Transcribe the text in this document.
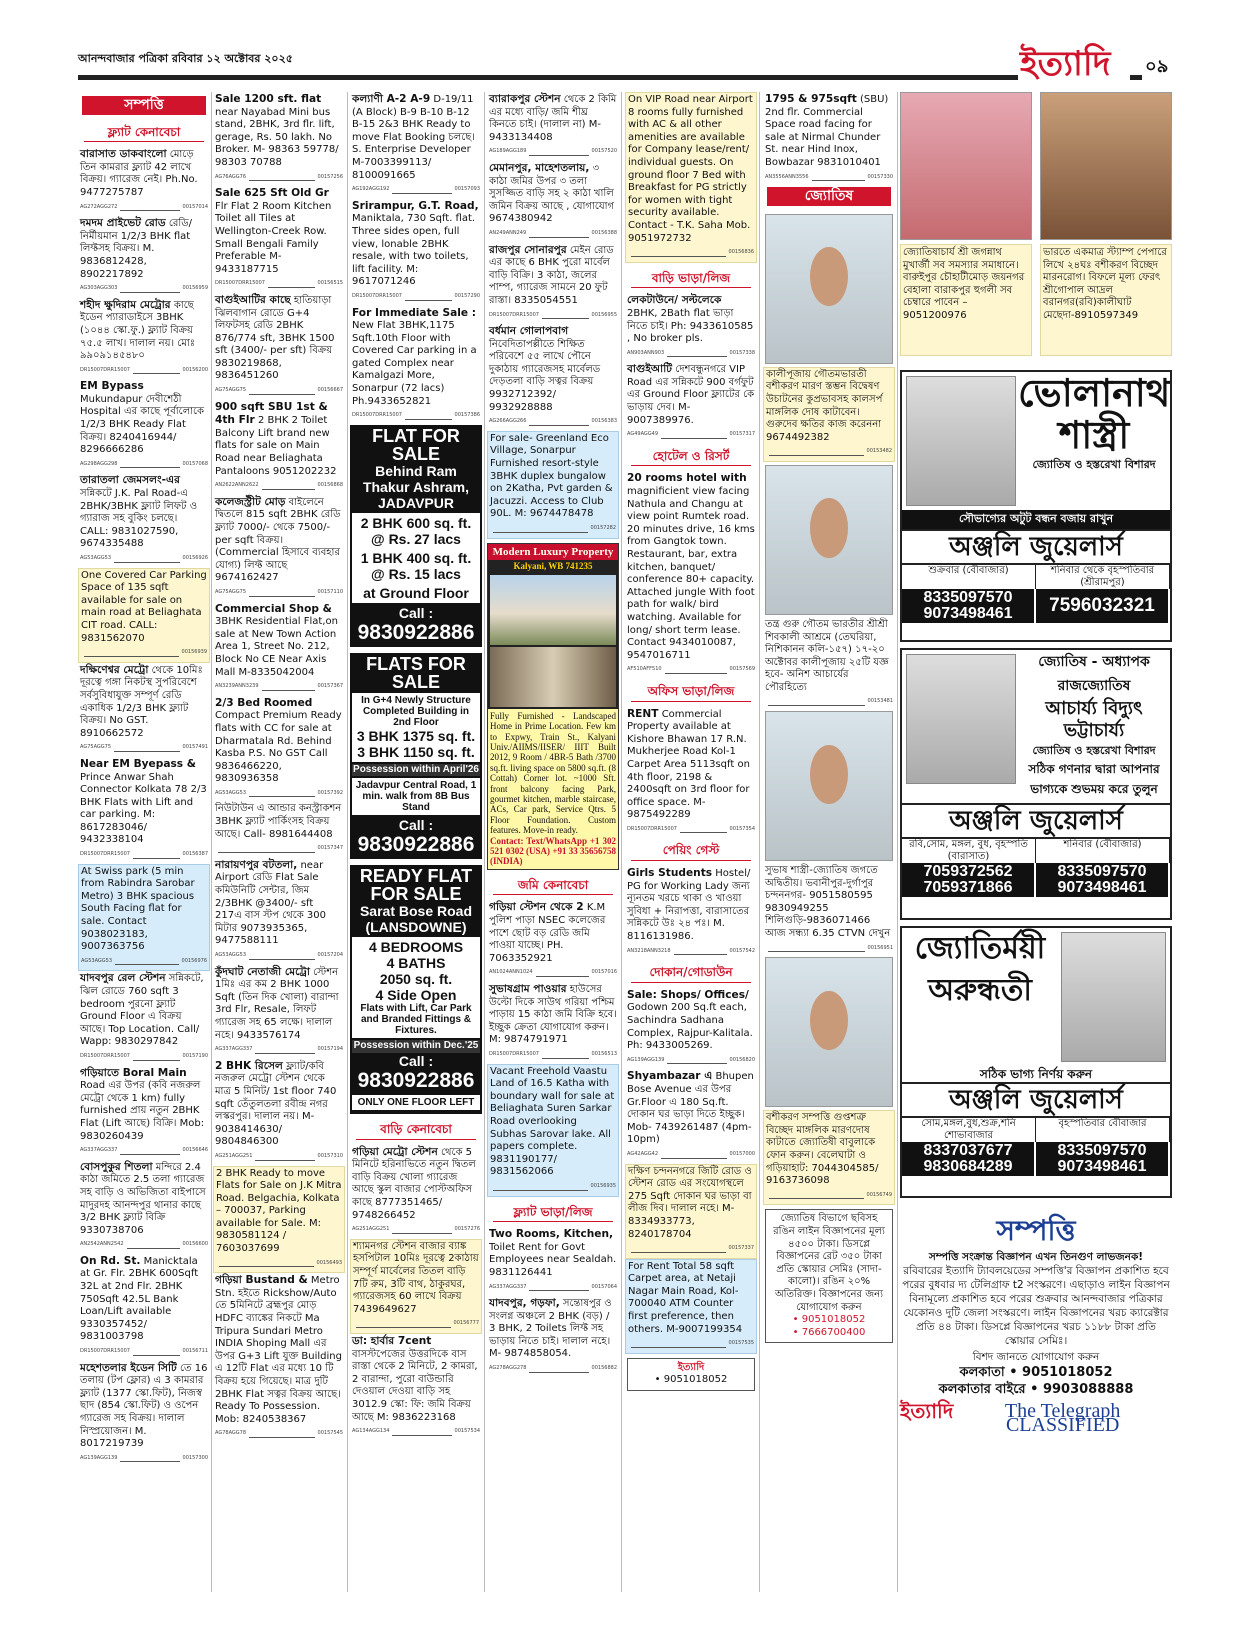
আনন্দবাজার পত্রিকা রবিবার ১২ অক্টোবর ২০২৫	ইত্যাদি ০৯
সম্পত্তি
ফ্ল্যাট কেনাবেচা
বারাসাত ডাকবাংলো মোড়ে তিন কামরার ফ্ল্যাট 42 লাখে বিক্রয়। গ্যারেজ নেই। Ph.No. 9477275787
AG272AGG272	00157014
দমদম প্রাইভেট রোড রেডি/নির্মীয়মান 1/2/3 BHK flat লিফ্টসহ বিক্রয়। M. 9836812428, 8902217892
AG303AGG303	00156959
শহীদ ক্ষুদিরাম মেট্রোর কাছে ইডেন প্যারাডাইসে 3BHK (১০৪৪ স্কো.ফু.) ফ্ল্যাট বিক্রয় ৭৫.৫ লাখ। দালাল নয়। মোঃ ৯৯০৯১৪৫৪৮০
DR15007DRR15007	00156200
EM Bypass Mukundapur দেবীশেঠী Hospital এর কাছে পূর্বালোকে 1/2/3 BHK Ready Flat বিক্রয়। 8240416944/ 8296666286
AG298AGG298	00157068
তারাতলা জেমসলং-এর সন্নিকটে J.K. Pal Road-এ 2BHK/3BHK ফ্ল্যাট লিফট ও গ্যারাজ সহ বুকিং চলছে। CALL: 9831027590, 9674335488
AG53AGG53	00156926
One Covered Car Parking Space of 135 sqft available for sale on main road at Beliaghata CIT road. CALL: 9831562070
00156939
দক্ষিণেশ্বর মেট্রো থেকে 10মিঃ দূরত্বে গঙ্গা নিকটস্থ সুপরিবেশে সর্বসুবিধাযুক্ত সম্পূর্ণ রেডি একাধিক 1/2/3 BHK ফ্ল্যাট বিক্রয়। No GST. 8910662572
AG75AGG75	00157491
Near EM Byepass & Prince Anwar Shah Connector Kolkata 78 2/3 BHK Flats with Lift and car parking. M: 8617283046/ 9432338104
DR15007DRR15007	00156387
At Swiss park (5 min from Rabindra Sarobar Metro) 3 BHK spacious South Facing flat for sale. Contact 9038023183, 9007363756
AG53AGG53	00156976
যাদবপুর রেল স্টেশন সন্নিকটে, ঝিল রোডে 760 sqft 3 bedroom পুরনো ফ্ল্যাট Ground Floor এ বিক্রয় আছে। Top Location. Call/ Wapp: 9830297842
DR15007DRR15007	00157190
গড়িয়াতে Boral Main Road এর উপর (কবি নজরুল মেট্রো থেকে 1 km) fully furnished প্রায় নতুন 2BHK Flat (Lift আছে) বিক্রি। Mob: 9830260439
AG337AGG337	00156646
বোসপুকুর শিতলা মন্দিরে 2.4 কাঠা জমিতে 2.5 তলা গ্যারেজ সহ বাড়ি ও অভিজিতা বাইপাসে মাদুরদহ আনন্দপুর থানার কাছে 3/2 BHK ফ্ল্যাট বিক্রি 9330738706
AN2542ANN2542	00156600
On Rd. St. Manicktala at Gr. Flr. 2BHK 600Sqft 32L at 2nd Flr. 2BHK 750Sqft 42.5L Bank Loan/Lift available 9330357452/ 9831003798
DR15007DRR15007	00156711
মহেশতলার ইডেন সিটি তে 16 তলায় (টপ ফ্লোর) এ 3 কামরার ফ্ল্যাট (1377 স্কো.ফিট), নিজস্ব ছাদ (854 স্কো.ফিট) ও ওপেন গ্যারেজ সহ বিক্রয়। দালাল নিস্প্রয়োজন। M. 8017219739
AG139AGG139	00157300
Sale 1200 sft. flat near Nayabad Mini bus stand, 2BHK, 3rd flr. lift, gerage, Rs. 50 lakh. No Broker. M- 98363 59778/ 98303 70788
AG76AGG76	00157256
Sale 625 Sft Old Gr Flr Flat 2 Room Kitchen Toilet all Tiles at Wellington-Creek Row. Small Bengali Family Preferable M-9433187715
DR15007DRR15007	00156515
বাগুইআটির কাছে হাতিয়াড়া ঝিলবাগান রোডে G+4 লিফটসহ রেডি 2BHK 876/774 sft, 3BHK 1500 sft (3400/- per sft) বিক্রয় 9830219868, 9836451260
AG75AGG75	00156667
900 sqft SBU 1st & 4th Flr 2 BHK 2 Toilet Balcony Lift brand new flats for sale on Main Road near Beliaghata Pantaloons 9051202232
AN2622ANN2622	00156868
কলেজস্ট্রীট মোড় বাইলেনে দ্বিতলে 815 sqft 2BHK রেডি ফ্ল্যাট 7000/- থেকে 7500/- per sqft বিক্রয়।(Commercial হিসাবে ব্যবহার যোগ্য) লিফ্ট আছে 9674162427
AG75AGG75	00157110
Commercial Shop & 3BHK Residential Flat,on sale at New Town Action Area 1, Street No. 212, Block No CE Near Axis Mall M-8335042004
AN3239ANN3239	00157367
2/3 Bed Roomed Compact Premium Ready flats with CC for sale at Dharmatala Rd. Behind Kasba P.S. No GST Call 9836466220, 9830936358
AG53AGG53	00157392
নিউটাউন এ আন্ডার কনস্ট্রাকশন 3BHK ফ্ল্যাট পার্কিংসহ বিক্রয় আছে। Call- 8981644408
00157347
নারায়ণপুর বটতলা, near Airport রেডি Flat Sale কমিউনিটি সেন্টার, জিম 2/3BHK @3400/- sft 217এ বাস স্টপ থেকে 300 মিটার 9073935365, 9477588111
AG53AGG53	00157204
কুঁদঘাট নেতাজী মেট্রো স্টেশন 1মিঃ এর কম 2 BHK 1000 Sqft (তিন দিক খোলা) বারান্দা 3rd Flr, Resale, লিফট গ্যারেজ সহ 65 লক্ষে। দালাল নহে। 9433576174
AG337AGG337	00157194
2 BHK রিসেল ফ্ল্যাট/কবি নজরুল মেট্রো স্টেশন থেকে মাত্র 5 মিনিট/ 1st floor 740 sqft তেঁতুলতলা রবীন্দ্র নগর লস্করপুর। দালাল নয়। M-9038414630/ 9804846300
AG251AGG251	00157310
2 BHK Ready to move Flats for Sale on J.K Mitra Road. Belgachia, Kolkata – 700037, Parking available for Sale. M: 9830581124 / 7603037699
00156493
গড়িয়া Bustand & Metro Stn. হইতে Rickshow/Auto তে 5মিনিটে ব্রহ্মপুর মোড় HDFC ব্যাঙ্কের নিকটে Ma Tripura Sundari Metro INDIA Shoping Mall এর উপর G+3 Lift যুক্ত Building এ 12টি Flat এর মধ্যে 10 টি বিক্রয় হয়ে গিয়েছে। মাত্র দুটি 2BHK Flat সত্বর বিক্রয় আছে। Ready To Possession. Mob: 8240538367
AG78AGG78	00157545
কল্যাণী A-2 A-9 D-19/11 (A Block) B-9 B-10 B-12 B-15 2&3 BHK Ready to move Flat Booking চলছে। S. Enterprise Developer M-7003399113/ 8100091665
AG192AGG192	00157093
Srirampur, G.T. Road, Maniktala, 730 Sqft. flat. Three sides open, full view, lonable 2BHK resale, with two toilets, lift facility. M: 9617071246
DR15007DRR15007	00157290
For Immediate Sale : New Flat 3BHK,1175 Sqft.10th Floor with Covered Car parking in a gated Complex near Kamalgazi More, Sonarpur (72 lacs) Ph.9433652821
DR15007DRR15007	00157386
FLAT FOR SALE
Behind Ram Thakur Ashram, JADAVPUR
2 BHK 600 sq. ft.
@ Rs. 27 lacs
1 BHK 400 sq. ft.
@ Rs. 15 lacs
at Ground Floor
Call :
9830922886
FLATS FOR SALE
In G+4 Newly Structure Completed Building in 2nd Floor
3 BHK 1375 sq. ft.
3 BHK 1150 sq. ft.
Possession within April'26
Jadavpur Central Road, 1 min. walk from 8B Bus Stand
Call :
9830922886
READY FLAT FOR SALE
Sarat Bose Road (LANSDOWNE)
4 BEDROOMS
4 BATHS
2050 sq. ft.
4 Side Open
Flats with Lift, Car Park and Branded Fittings & Fixtures.
Possession within Dec.'25
Call :
9830922886
ONLY ONE FLOOR LEFT
বাড়ি কেনাবেচা
গড়িয়া মেট্রো স্টেশন থেকে 5 মিনিটে হরিনাভিতে নতুন দ্বিতল বাড়ি বিক্রয় খোলা গ্যারেজ আছে স্কুল বাজার পোস্টঅফিস কাছে 8777351465/ 9748266452
AG251AGG251	00157276
শ্যামনগর স্টেশন বাজার ব্যাঙ্ক হসপিটাল 10মিঃ দূরত্বে 2কাঠায় সম্পূর্ণ মার্বেলের তিতল বাড়ি 7টি রুম, 3টি বাথ, ঠাকুরঘর, গ্যারেজসহ 60 লাখে বিক্রয় 7439649627
00156777
ডা: হার্বার 7cent বাসস্টপেজের উত্তরদিকে বাস রাস্তা থেকে 2 মিনিটে, 2 কামরা, 2 বারান্দা, পুরো বাউন্ডারি দেওয়াল দেওয়া বাড়ি সহ 3012.9 স্কো: ফি: জমি বিক্রয় আছে M: 9836223168
AG134AGG134	00157534
ব্যারাকপুর স্টেশন থেকে 2 কিমি এর মধ্যে বাড়ি/ জমি শীঘ্র কিনতে চাই। (দালাল না) M-9433134408
AG189AGG189	00157520
মেমানপুর, মাহেশতলায়, ৩ কাঠা জমির উপর ৩ তলা সুসজ্জিত বাড়ি সহ ২ কাঠা খালি জমিন বিক্রয় আছে , যোগাযোগ 9674380942
AN249ANN249	00156388
রাজপুর সোনারপুর মেইন রোড এর কাছে 6 BHK পুরো মার্বেল বাড়ি বিক্রি। 3 কাঠা, জলের পাম্প, গ্যারেজ সামনে 20 ফুট রাস্তা। 8335054551
DR15007DRR15007	00156955
বর্ধমান গোলাপবাগ নিবেদিতাপল্লীতে শিক্ষিত পরিবেশে ৫৫ লাখে পৌনে দুকাঠায় গ্যারেজসহ মার্বেলড দেড়তলা বাড়ি সত্বর বিক্রয় 9932712392/ 9932928888
AG266AGG266	00156383
For sale- Greenland Eco Village, Sonarpur Furnished resort-style 3BHK duplex bungalow on 2Katha, Pvt garden & Jacuzzi. Access to Club 90L. M: 9674478478
00157282
Modern Luxury Property
Kalyani, WB 741235
Fully Furnished - Landscaped Home in Prime Location. Few km to Expwy, Train St., Kalyani Univ./AIIMS/IISER/ IIIT Built 2012, 9 Room / 4BR-5 Bath /3700 sq.ft. living space on 5800 sq.ft. (8 Cottah) Corner lot. ~1000 Sft. front balcony facing Park, gourmet kitchen, marble staircase, ACs, Car park, Service Qtrs. 5 Floor Foundation. Custom features. Move-in ready.
Contact: Text/WhatsApp +1 302 521 0302 (USA) +91 33 35656758 (INDIA)
জমি কেনাবেচা
গড়িয়া স্টেশন থেকে 2 K.M পুলিশ পাড়া NSEC কলেজের পাশে ছোট বড় রেডি জমি পাওয়া যাচ্ছে। PH. 7063352921
AN1024ANN1024	00157016
সুভাষগ্রাম পাওয়ার হাউসের উল্টো দিকে সাউথ গরিয়া পশ্চিম পাড়ায় 15 কাঠা জমি বিক্রি হবে। ইচ্ছুক ক্রেতা যোগাযোগ করুন। M: 9874791971
DR15007DRR15007	00156513
Vacant Freehold Vaastu Land of 16.5 Katha with boundary wall for sale at Beliaghata Suren Sarkar Road overlooking Subhas Sarovar lake. All papers complete. 9831190177/ 9831562066
00156935
ফ্ল্যাট ভাড়া/লিজ
Two Rooms, Kitchen, Toilet Rent for Govt Employees near Sealdah. 9831126441
AG337AGG337	00157064
যাদবপুর, গড়ফা, সন্তোষপুর ও সংলগ্ন অঞ্চলে 2 BHK (বড়) / 3 BHK, 2 Toilets লিফ্ট সহ ভাড়ায় নিতে চাই। দালাল নহে। M- 9874858054.
AG278AGG278	00156882
On VIP Road near Airport 8 rooms fully furnished with AC & all other amenities are available for Company lease/rent/ individual guests. On ground floor 7 Bed with Breakfast for PG strictly for women with tight security available. Contact - T.K. Saha Mob. 9051972732
00156836
বাড়ি ভাড়া/লিজ
লেকটাউনে/ সল্টলেকে 2BHK, 2Bath flat ভাড়া নিতে চাই। Ph: 9433610585 , No broker pls.
AN903ANN903	00157338
বাগুইআটি দেশবন্ধুনগরে VIP Road এর সন্নিকটে 900 বর্গফুট এর Ground Floor ফ্ল্যাটের কে ভাড়ায় দেব। M-9007389976.
AG49AGG49	00157317
হোটেল ও রিসর্ট
20 rooms hotel with magnificient view facing Nathula and Changu at view point Rumtek road. 20 minutes drive, 16 kms from Gangtok town. Restaurant, bar, extra kitchen, banquet/ conference 80+ capacity. Attached jungle With foot path for walk/ bird watching. Available for long/ short term lease. Contact 9434010087, 9547016711
AF510AFF510	00157569
অফিস ভাড়া/লিজ
RENT Commercial Property available at Kishore Bhawan 17 R.N. Mukherjee Road Kol-1 Carpet Area 5113sqft on 4th floor, 2198 & 2400sqft on 3rd floor for office space. M-9875492289
DR15007DRR15007	00157354
পেয়িং গেস্ট
Girls Students Hostel/ PG for Working Lady জন্য ন্যূনতম খরচে থাকা ও খাওয়া সুবিধা + নিরাপত্তা, বারাসাতের সন্নিকটে উঃ ২৪ পঃ। M. 8116131986.
AN3218ANN3218	00157542
দোকান/গোডাউন
Sale: Shops/ Offices/ Godown 200 Sq.ft each, Sachindra Sadhana Complex, Rajpur-Kalitala. Ph: 9433005269.
AG139AGG139	00156820
Shyambazar এ Bhupen Bose Avenue এর উপর Gr.Floor এ 180 Sq.ft. দোকান ঘর ভাড়া দিতে ইচ্ছুক। Mob- 7439261487 (4pm-10pm)
AG42AGG42	00157000
দক্ষিণ চন্দননগরে জিটি রোড ও স্টেশন রোড এর সংযোগস্থলে 275 Sqft দোকান ঘর ভাড়া বা লীজ দিব। দালাল নহে। M- 8334933773, 8240178704
00157337
For Rent Total 58 sqft Carpet area, at Netaji Nagar Main Road, Kol- 700040 ATM Counter first preference, then others. M-9007199354
00157535
ইত্যাদি
• 9051018052
1795 & 975sqft (SBU) 2nd flr. Commercial Space road facing for sale at Nirmal Chunder St. near Hind Inox, Bowbazar 9831010401
AN3556ANN3556	00157330
জ্যোতিষ
কালীপূজায় গৌতমভারতী বশীকরণ মারণ স্তম্ভন বিদ্বেষণ উচাটনের কুপ্রভাবসহ কালসর্প মাঙ্গলিক দোষ কাটাবেন। গুরুদেব ক্ষতির কাজ করেননা 9674492382
00153482
তন্ত্র গুরু গৌতম ভারতীর শ্রীশ্রী শিবকালী আশ্রমে (তেঘরিয়া, নিশিকানন কলি-১৫৭) ১৭-২০ অক্টোবর কালীপূজায় ২৫টি যজ্ঞ হবে- অনিশ আচার্যের পৌরহিত্যে
00153481
সুভাষ শাস্ত্রী-জ্যোতিষ জগতে অদ্বিতীয়। ভবানীপুর-দুর্গাপুর চন্দননগর- 9051580595 9830949255 শিলিগুড়ি-9836071466 আজ সন্ধ্যা 6.35 CTVN দেখুন
00156951
বশীকরণ সম্পত্তি গুপ্তশত্রু বিচ্ছেদ মাঙ্গলিক মারণদোষ কাটাতে জ্যোতিষী বাবুলাকে ফোন করুন। বেলেঘাটা ও গড়িয়াহাট: 7044304585/ 9163736098
00156749
জ্যোতিষ বিভাগে ছবিসহ রঙিন লাইন বিজ্ঞাপনের মূল্য ৪৫০০ টাকা। ডিসপ্লে বিজ্ঞাপনের রেট ৩৫০ টাকা প্রতি স্কোয়ার সেমিঃ (সাদা-কালো)। রঙিন ২০% অতিরিক্ত। বিজ্ঞাপনের জন্য যোগাযোগ করুন
• 9051018052
• 7666700400
জ্যোতিষাচার্য শ্রী জগন্নাথ মুখার্জী সব সমস্যার সমাধানে। বারুইপুর চৌহাটীমোড় জয়নগর বেহালা বারাকপুর হুগলী সব চেম্বারে পাবেন – 9051200976
ভারতে একমাত্র স্ট্যাম্প পেপারে লিখে ২৪ঘঃ বশীকরণ বিচ্ছেদ মারনরোগ। বিফলে মূল্য ফেরৎ শ্রীগোপাল আদ্রল বরানগর(রবি)কালীঘাট মেছেদা-8910597349
ভোলানাথ
শাস্ত্রী
জ্যোতিষ ও হস্তরেখা বিশারদ
সৌভাগ্যের অটুট বন্ধন বজায় রাখুন
অঞ্জলি জুয়েলার্স
শুক্রবার (বৌবাজার)	শনিবার থেকে বৃহস্পতিবার (শ্রীরামপুর)
8335097570 9073498461	7596032321
জ্যোতিষ - অধ্যাপক
রাজজ্যোতিষ
আচার্য্য বিদ্যুৎ ভট্টাচার্য্য
জ্যোতিষ ও হস্তরেখা বিশারদ
সঠিক গণনার দ্বারা আপনার ভাগ্যকে শুভময় করে তুলুন
অঞ্জলি জুয়েলার্স
রবি,সোম, মঙ্গল, বুধ, বৃহস্পতি (বারাসাত)
শনিবার (বৌবাজার)
7059372562 7059371866
8335097570 9073498461
জ্যোতির্ময়ী
অরুন্ধতী
সঠিক ভাগ্য নির্ণয় করুন
অঞ্জলি জুয়েলার্স
সোম,মঙ্গল,বুধ,শুক্র,শনি শোভাবাজার
বৃহস্পতিবার বৌবাজার
8337037677 9830684289
8335097570 9073498461
সম্পত্তি
সম্পত্তি সংক্রান্ত বিজ্ঞাপন এখন তিনগুণ লাভজনক!
রবিবারের ইত্যাদি ট্যাবলয়েডের সম্পত্তি'র বিজ্ঞাপন প্রকাশিত হবে পরের বুধবার দ্য টেলিগ্রাফ t2 সংস্করণে। এছাড়াও লাইন বিজ্ঞাপন বিনামূল্যে প্রকাশিত হবে পরের শুক্রবার আনন্দবাজার পত্রিকার যেকোনও দুটি জেলা সংস্করণে। লাইন বিজ্ঞাপনের খরচ ক্যারেক্টার প্রতি ৪৪ টাকা। ডিসপ্লে বিজ্ঞাপনের খরচ ১১৮৮ টাকা প্রতি স্কোয়ার সেমিঃ।
বিশদ জানতে যোগাযোগ করুন
কলকাতা • 9051018052
কলকাতার বাইরে • 9903088888
ইত্যাদি	The Telegraph CLASSIFIED
